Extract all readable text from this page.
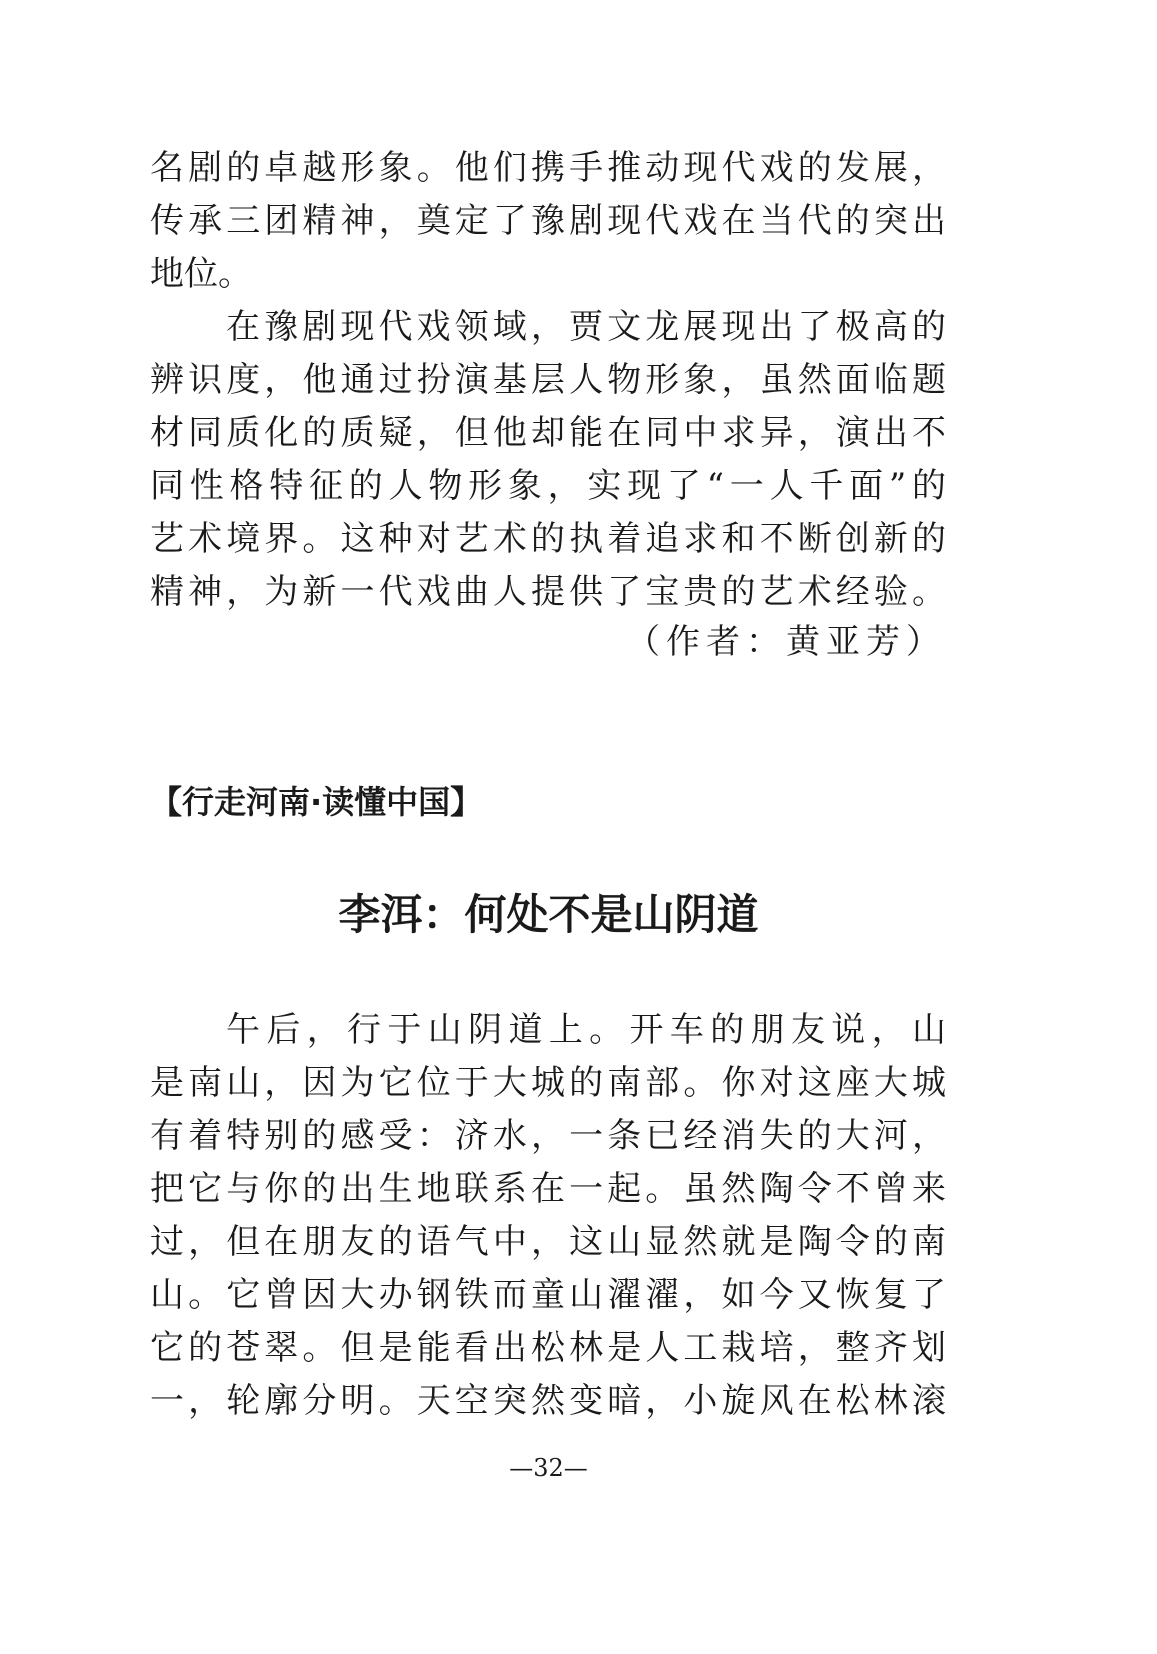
名剧的卓越形象。他们携手推动现代戏的发展，
传承三团精神，奠定了豫剧现代戏在当代的突出
地位。
在豫剧现代戏领域，贾文龙展现出了极高的
辨识度，他通过扮演基层人物形象，虽然面临题
材同质化的质疑，但他却能在同中求异，演出不
同性格特征的人物形象，实现了“一人千面”的
艺术境界。这种对艺术的执着追求和不断创新的
精神，为新一代戏曲人提供了宝贵的艺术经验。
（作者：黄亚芳）
【行走河南·读懂中国】
李洱：何处不是山阴道
午后，行于山阴道上。开车的朋友说，山
是南山，因为它位于大城的南部。你对这座大城
有着特别的感受：济水，一条已经消失的大河，
把它与你的出生地联系在一起。虽然陶令不曾来
过，但在朋友的语气中，这山显然就是陶令的南
山。它曾因大办钢铁而童山濯濯，如今又恢复了
它的苍翠。但是能看出松林是人工栽培，整齐划
一，轮廓分明。天空突然变暗，小旋风在松林滚
—32—
